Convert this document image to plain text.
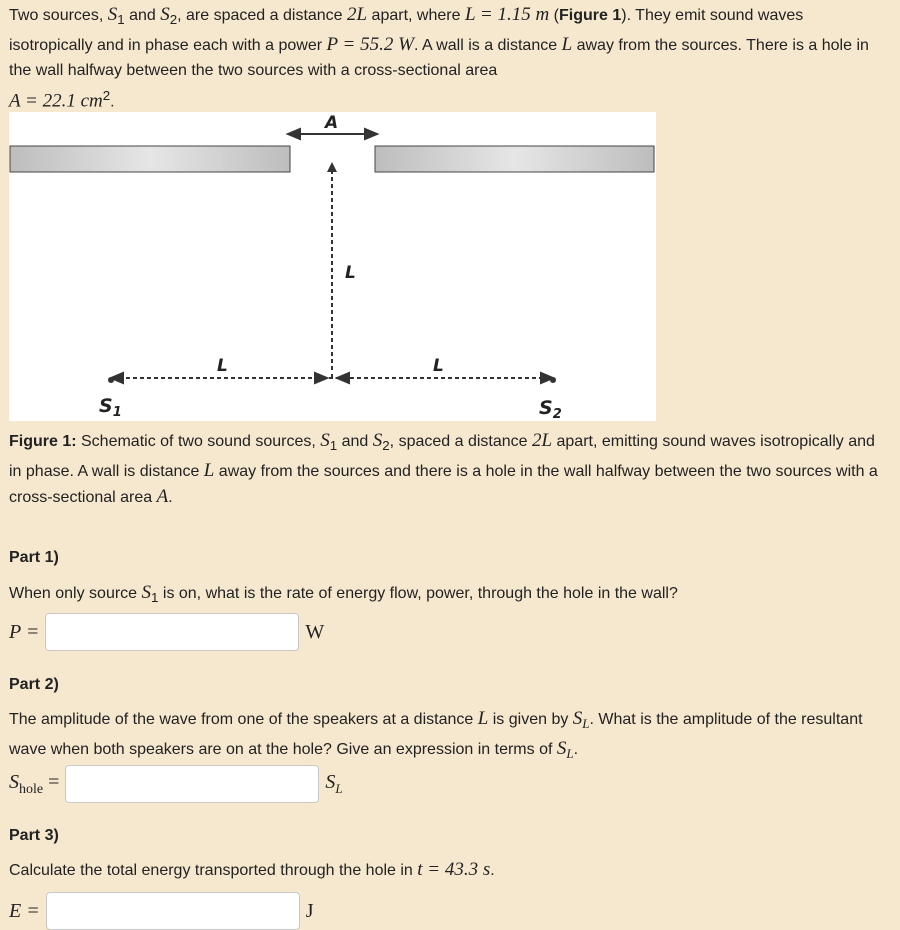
Two sources, $S_1$ and $S_2$, are spaced a distance 2L apart, where L = 1.15 m (Figure 1). They emit sound waves isotropically and in phase each with a power P = 55.2 W. A wall is a distance L away from the sources. There is a hole in the wall halfway between the two sources with a cross-sectional area
A = 22.1 $cm^2$.
A
L
L	L
$S_1$	$S_2$
Figure 1: Schematic of two sound sources, $S_1$ and $S_2$, spaced a distance 2L apart, emitting sound waves isotropically and in phase. A wall is distance L away from the sources and there is a hole in the wall halfway between the two sources with a cross-sectional area A.
Part 1)
When only source $S_1$ is on, what is the rate of energy flow, power, through the hole in the wall?
P =	W
Part 2)
The amplitude of the wave from one of the speakers at a distance L is given by $S_L$. What is the amplitude of the resultant wave when both speakers are on at the hole? Give an expression in terms of $S_L$.
$S_{hole}$ =	$S_L$
Part 3)
Calculate the total energy transported through the hole in t = 43.3 s.
E =	J
